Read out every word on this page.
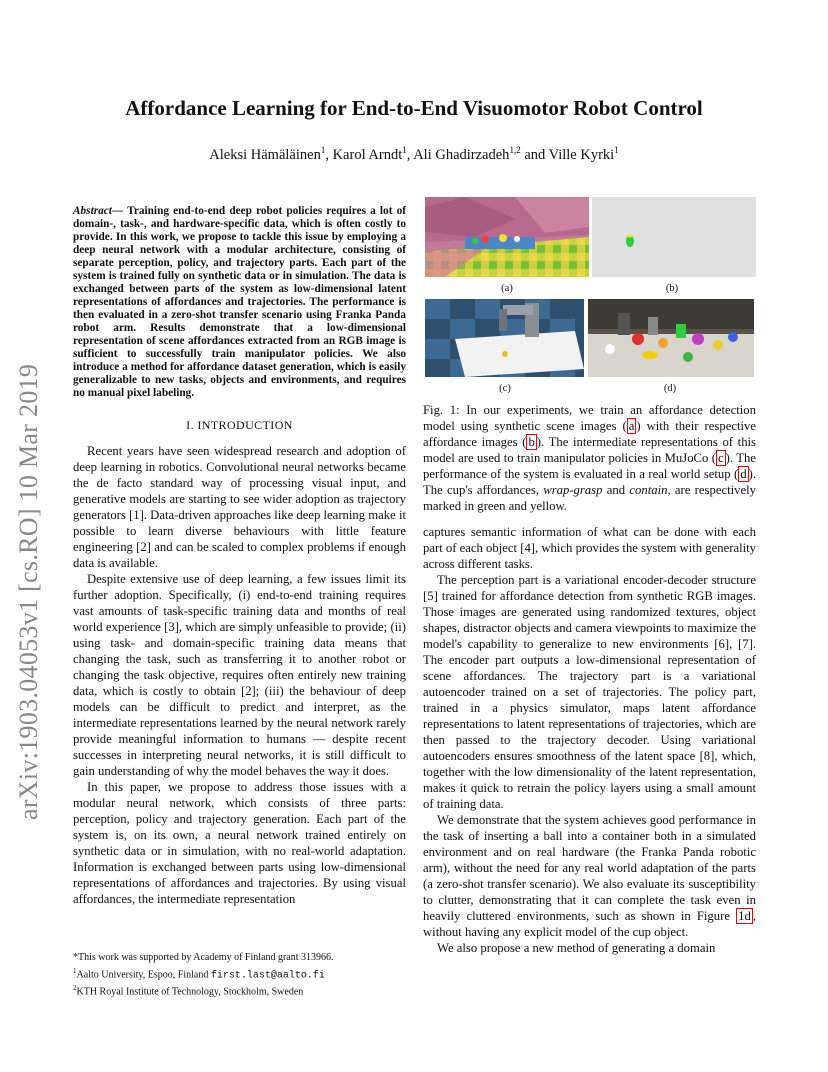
arXiv:1903.04053v1 [cs.RO] 10 Mar 2019
Affordance Learning for End-to-End Visuomotor Robot Control
Aleksi Hämäläinen$^1$, Karol Arndt$^1$, Ali Ghadirzadeh$^{1,2}$ and Ville Kyrki$^1$
Abstract— Training end-to-end deep robot policies requires a lot of domain-, task-, and hardware-specific data, which is often costly to provide. In this work, we propose to tackle this issue by employing a deep neural network with a modular architecture, consisting of separate perception, policy, and trajectory parts. Each part of the system is trained fully on synthetic data or in simulation. The data is exchanged between parts of the system as low-dimensional latent representations of affordances and trajectories. The performance is then evaluated in a zero-shot transfer scenario using Franka Panda robot arm. Results demonstrate that a low-dimensional representation of scene affordances extracted from an RGB image is sufficient to successfully train manipulator policies. We also introduce a method for affordance dataset generation, which is easily generalizable to new tasks, objects and environments, and requires no manual pixel labeling.
I. INTRODUCTION

Recent years have seen widespread research and adoption of deep learning in robotics. Convolutional neural networks became the de facto standard way of processing visual input, and generative models are starting to see wider adoption as trajectory generators [1]. Data-driven approaches like deep learning make it possible to learn diverse behaviours with little feature engineering [2] and can be scaled to complex problems if enough data is available.

Despite extensive use of deep learning, a few issues limit its further adoption. Specifically, (i) end-to-end training requires vast amounts of task-specific training data and months of real world experience [3], which are simply unfeasible to provide; (ii) using task- and domain-specific training data means that changing the task, such as transferring it to another robot or changing the task objective, requires often entirely new training data, which is costly to obtain [2]; (iii) the behaviour of deep models can be difficult to predict and interpret, as the intermediate representations learned by the neural network rarely provide meaningful information to humans — despite recent successes in interpreting neural networks, it is still difficult to gain understanding of why the model behaves the way it does.

In this paper, we propose to address those issues with a modular neural network, which consists of three parts: perception, policy and trajectory generation. Each part of the system is, on its own, a neural network trained entirely on synthetic data or in simulation, with no real-world adaptation. Information is exchanged between parts using low-dimensional representations of affordances and trajectories. By using visual affordances, the intermediate representation

*This work was supported by Academy of Finland grant 313966.
$^1$Aalto University, Espoo, Finland first.last@aalto.fi
$^2$KTH Royal Institute of Technology, Stockholm, Sweden
(a)	(b)
(c)	(d)
Fig. 1: In our experiments, we train an affordance detection model using synthetic scene images ( a ) with their respective affordance images ( b ). The intermediate representations of this model are used to train manipulator policies in MuJoCo ( c ). The performance of the system is evaluated in a real world setup ( d ). The cup's affordances, wrap-grasp and contain, are respectively marked in green and yellow.

captures semantic information of what can be done with each part of each object [4], which provides the system with generality across different tasks.

The perception part is a variational encoder-decoder structure [5] trained for affordance detection from synthetic RGB images. Those images are generated using randomized textures, object shapes, distractor objects and camera viewpoints to maximize the model's capability to generalize to new environments [6], [7]. The encoder part outputs a low-dimensional representation of scene affordances. The trajectory part is a variational autoencoder trained on a set of trajectories. The policy part, trained in a physics simulator, maps latent affordance representations to latent representations of trajectories, which are then passed to the trajectory decoder. Using variational autoencoders ensures smoothness of the latent space [8], which, together with the low dimensionality of the latent representation, makes it quick to retrain the policy layers using a small amount of training data.

We demonstrate that the system achieves good performance in the task of inserting a ball into a container both in a simulated environment and on real hardware (the Franka Panda robotic arm), without the need for any real world adaptation of the parts (a zero-shot transfer scenario). We also evaluate its susceptibility to clutter, demonstrating that it can complete the task even in heavily cluttered environments, such as shown in Figure 1d , without having any explicit model of the cup object.

We also propose a new method of generating a domain
